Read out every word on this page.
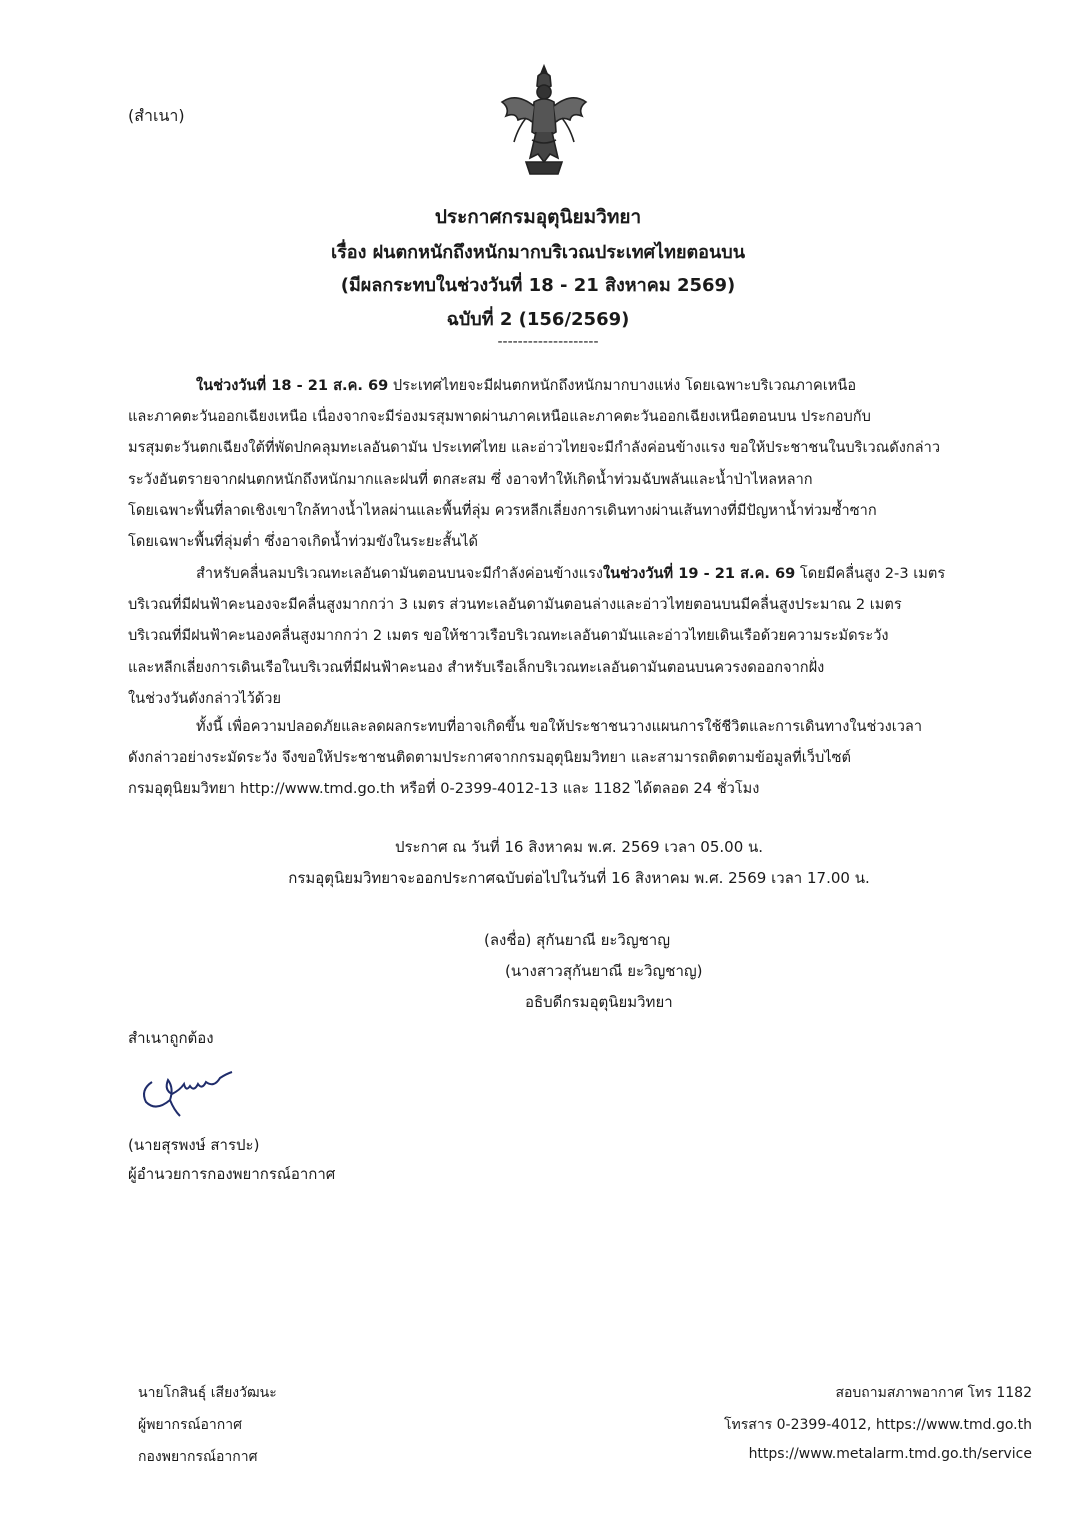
(สำเนา)
ประกาศกรมอุตุนิยมวิทยา
เรื่อง ฝนตกหนักถึงหนักมากบริเวณประเทศไทยตอนบน
(มีผลกระทบในช่วงวันที่ 18 - 21 สิงหาคม 2569)
ฉบับที่ 2 (156/2569)
--------------------
ในช่วงวันที่ 18 - 21 ส.ค. 69 ประเทศไทยจะมีฝนตกหนักถึงหนักมากบางแห่ง โดยเฉพาะบริเวณภาคเหนือ
และภาคตะวันออกเฉียงเหนือ เนื่องจากจะมีร่องมรสุมพาดผ่านภาคเหนือและภาคตะวันออกเฉียงเหนือตอนบน ประกอบกับ
มรสุมตะวันตกเฉียงใต้ที่พัดปกคลุมทะเลอันดามัน ประเทศไทย และอ่าวไทยจะมีกำลังค่อนข้างแรง ขอให้ประชาชนในบริเวณดังกล่าว
ระวังอันตรายจากฝนตกหนักถึงหนักมากและฝนที่ ตกสะสม ซึ่ งอาจทำให้เกิดน้ำท่วมฉับพลันและน้ำป่าไหลหลาก
โดยเฉพาะพื้นที่ลาดเชิงเขาใกล้ทางน้ำไหลผ่านและพื้นที่ลุ่ม ควรหลีกเลี่ยงการเดินทางผ่านเส้นทางที่มีปัญหาน้ำท่วมซ้ำซาก
โดยเฉพาะพื้นที่ลุ่มต่ำ ซึ่งอาจเกิดน้ำท่วมขังในระยะสั้นได้
สำหรับคลื่นลมบริเวณทะเลอันดามันตอนบนจะมีกำลังค่อนข้างแรงในช่วงวันที่ 19 - 21 ส.ค. 69 โดยมีคลื่นสูง 2-3 เมตร
บริเวณที่มีฝนฟ้าคะนองจะมีคลื่นสูงมากกว่า 3 เมตร ส่วนทะเลอันดามันตอนล่างและอ่าวไทยตอนบนมีคลื่นสูงประมาณ 2 เมตร
บริเวณที่มีฝนฟ้าคะนองคลื่นสูงมากกว่า 2 เมตร ขอให้ชาวเรือบริเวณทะเลอันดามันและอ่าวไทยเดินเรือด้วยความระมัดระวัง
และหลีกเลี่ยงการเดินเรือในบริเวณที่มีฝนฟ้าคะนอง สำหรับเรือเล็กบริเวณทะเลอันดามันตอนบนควรงดออกจากฝั่ง
ในช่วงวันดังกล่าวไว้ด้วย
ทั้งนี้ เพื่อความปลอดภัยและลดผลกระทบที่อาจเกิดขึ้น ขอให้ประชาชนวางแผนการใช้ชีวิตและการเดินทางในช่วงเวลา
ดังกล่าวอย่างระมัดระวัง จึงขอให้ประชาชนติดตามประกาศจากกรมอุตุนิยมวิทยา และสามารถติดตามข้อมูลที่เว็บไซต์
กรมอุตุนิยมวิทยา http://www.tmd.go.th หรือที่ 0-2399-4012-13 และ 1182 ได้ตลอด 24 ชั่วโมง
ประกาศ ณ วันที่ 16 สิงหาคม พ.ศ. 2569 เวลา 05.00 น.
กรมอุตุนิยมวิทยาจะออกประกาศฉบับต่อไปในวันที่ 16 สิงหาคม พ.ศ. 2569 เวลา 17.00 น.
(ลงชื่อ) สุกันยาณี ยะวิญชาญ
(นางสาวสุกันยาณี ยะวิญชาญ)
อธิบดีกรมอุตุนิยมวิทยา
สำเนาถูกต้อง
(นายสุรพงษ์ สารปะ)
ผู้อำนวยการกองพยากรณ์อากาศ
นายโกสินธุ์ เสียงวัฒนะ
ผู้พยากรณ์อากาศ
กองพยากรณ์อากาศ
สอบถามสภาพอากาศ โทร 1182
โทรสาร 0-2399-4012, https://www.tmd.go.th
https://www.metalarm.tmd.go.th/service
